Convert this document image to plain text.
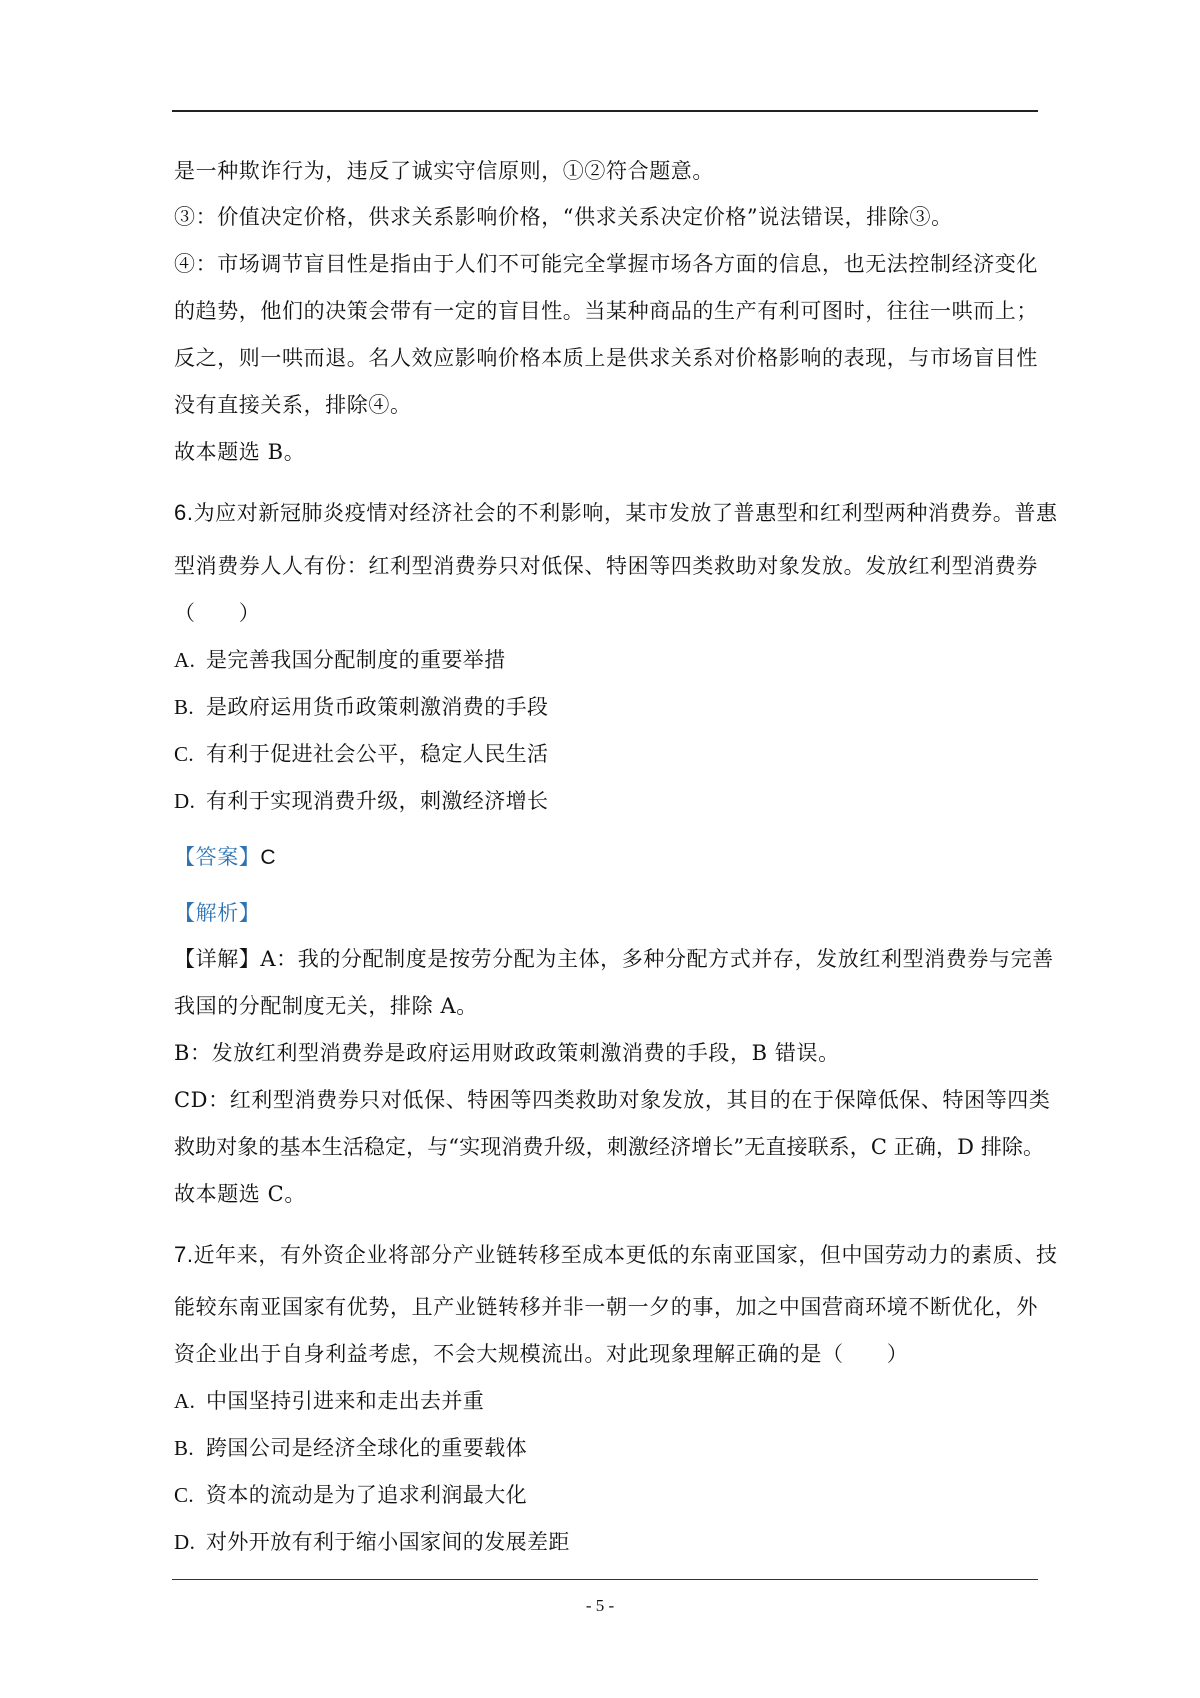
是一种欺诈行为，违反了诚实守信原则，①②符合题意。
③：价值决定价格，供求关系影响价格，“供求关系决定价格”说法错误，排除③。
④：市场调节盲目性是指由于人们不可能完全掌握市场各方面的信息，也无法控制经济变化
的趋势，他们的决策会带有一定的盲目性。当某种商品的生产有利可图时，往往一哄而上；
反之，则一哄而退。名人效应影响价格本质上是供求关系对价格影响的表现，与市场盲目性
没有直接关系，排除④。
故本题选 B。
6.为应对新冠肺炎疫情对经济社会的不利影响，某市发放了普惠型和红利型两种消费券。普惠
型消费券人人有份：红利型消费券只对低保、特困等四类救助对象发放。发放红利型消费券
（　　）
A. 是完善我国分配制度的重要举措
B. 是政府运用货币政策刺激消费的手段
C. 有利于促进社会公平，稳定人民生活
D. 有利于实现消费升级，刺激经济增长
【答案】C
【解析】
【详解】A：我的分配制度是按劳分配为主体，多种分配方式并存，发放红利型消费券与完善
我国的分配制度无关，排除 A。
B：发放红利型消费券是政府运用财政政策刺激消费的手段，B 错误。
CD：红利型消费券只对低保、特困等四类救助对象发放，其目的在于保障低保、特困等四类
救助对象的基本生活稳定，与“实现消费升级，刺激经济增长”无直接联系，C 正确，D 排除。
故本题选 C。
7.近年来，有外资企业将部分产业链转移至成本更低的东南亚国家，但中国劳动力的素质、技
能较东南亚国家有优势，且产业链转移并非一朝一夕的事，加之中国营商环境不断优化，外
资企业出于自身利益考虑，不会大规模流出。对此现象理解正确的是（　　）
A. 中国坚持引进来和走出去并重
B. 跨国公司是经济全球化的重要载体
C. 资本的流动是为了追求利润最大化
D. 对外开放有利于缩小国家间的发展差距
- 5 -
